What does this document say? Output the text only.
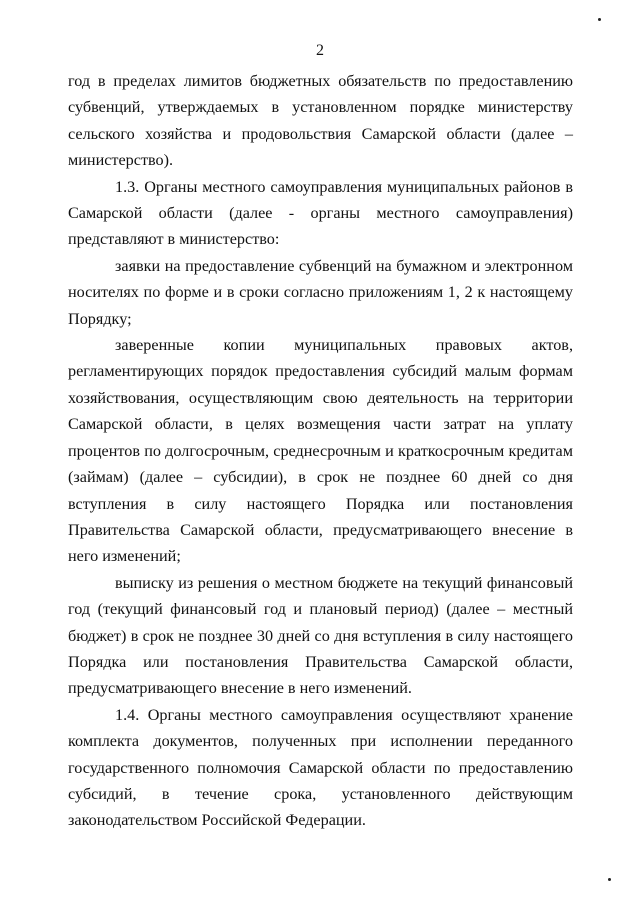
2

год в пределах лимитов бюджетных обязательств по предоставлению субвенций, утверждаемых в установленном порядке министерству сельского хозяйства и продовольствия Самарской области (далее – министерство).

1.3. Органы местного самоуправления муниципальных районов в Самарской области (далее - органы местного самоуправления) представляют в министерство:

заявки на предоставление субвенций на бумажном и электронном носителях по форме и в сроки согласно приложениям 1, 2 к настоящему Порядку;

заверенные копии муниципальных правовых актов, регламентирующих порядок предоставления субсидий малым формам хозяйствования, осуществляющим свою деятельность на территории Самарской области, в целях возмещения части затрат на уплату процентов по долгосрочным, среднесрочным и краткосрочным кредитам (займам) (далее – субсидии), в срок не позднее 60 дней со дня вступления в силу настоящего Порядка или постановления Правительства Самарской области, предусматривающего внесение в него изменений;

выписку из решения о местном бюджете на текущий финансовый год (текущий финансовый год и плановый период) (далее – местный бюджет) в срок не позднее 30 дней со дня вступления в силу настоящего Порядка или постановления Правительства Самарской области, предусматривающего внесение в него изменений.

1.4. Органы местного самоуправления осуществляют хранение комплекта документов, полученных при исполнении переданного государственного полномочия Самарской области по предоставлению субсидий, в течение срока, установленного действующим законодательством Российской Федерации.
